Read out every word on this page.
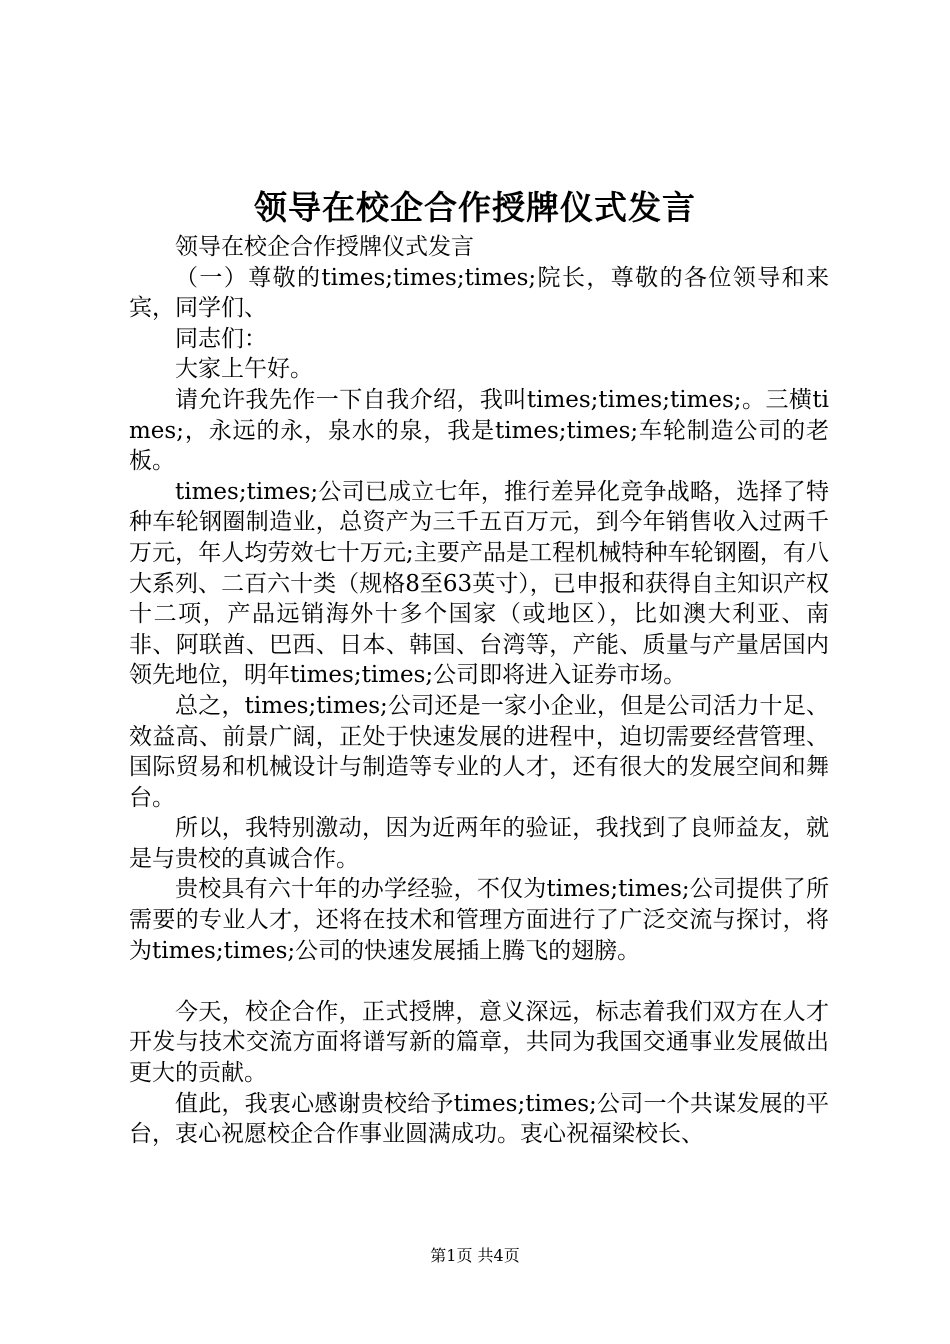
领导在校企合作授牌仪式发言

领导在校企合作授牌仪式发言

（一）尊敬的times;times;times;院长，尊敬的各位领导和来宾，同学们、

同志们：

大家上午好。

请允许我先作一下自我介绍，我叫times;times;times;。三横times;，永远的永，泉水的泉，我是times;times;车轮制造公司的老板。

times;times;公司已成立七年，推行差异化竞争战略，选择了特种车轮钢圈制造业，总资产为三千五百万元，到今年销售收入过两千万元，年人均劳效七十万元;主要产品是工程机械特种车轮钢圈，有八大系列、二百六十类（规格8至63英寸），已申报和获得自主知识产权十二项，产品远销海外十多个国家（或地区），比如澳大利亚、南非、阿联酋、巴西、日本、韩国、台湾等，产能、质量与产量居国内领先地位，明年times;times;公司即将进入证券市场。

总之，times;times;公司还是一家小企业，但是公司活力十足、效益高、前景广阔，正处于快速发展的进程中，迫切需要经营管理、国际贸易和机械设计与制造等专业的人才，还有很大的发展空间和舞台。

所以，我特别激动，因为近两年的验证，我找到了良师益友，就是与贵校的真诚合作。

贵校具有六十年的办学经验，不仅为times;times;公司提供了所需要的专业人才，还将在技术和管理方面进行了广泛交流与探讨，将为times;times;公司的快速发展插上腾飞的翅膀。

今天，校企合作，正式授牌，意义深远，标志着我们双方在人才开发与技术交流方面将谱写新的篇章，共同为我国交通事业发展做出更大的贡献。

值此，我衷心感谢贵校给予times;times;公司一个共谋发展的平台，衷心祝愿校企合作事业圆满成功。衷心祝福梁校长、

第1页 共4页
